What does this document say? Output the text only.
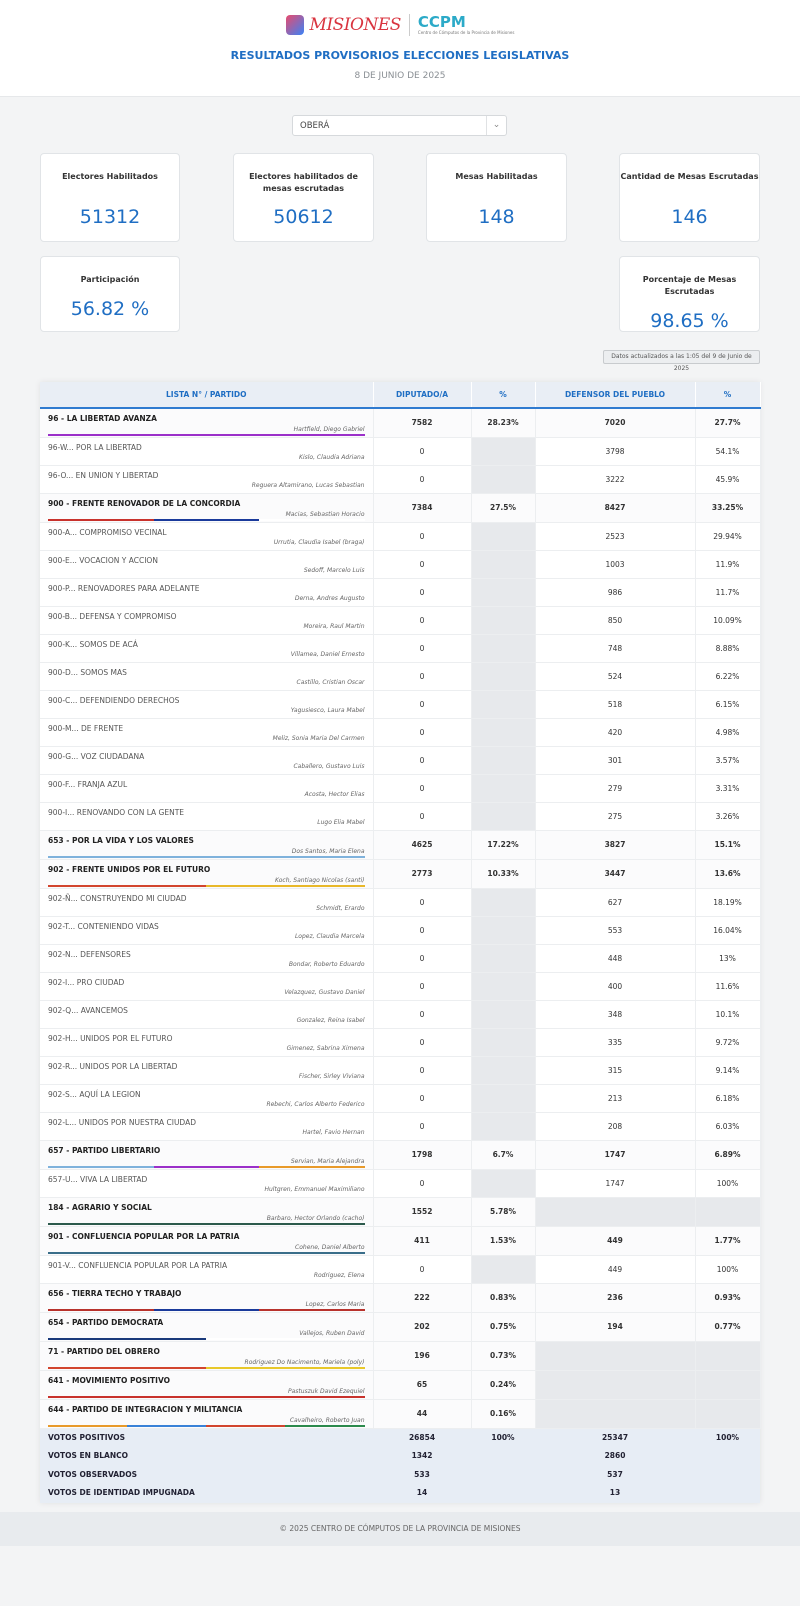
MISIONES CCPM
Centro de Cómputos de la Provincia de Misiones
RESULTADOS PROVISORIOS ELECCIONES LEGISLATIVAS
8 DE JUNIO DE 2025
OBERÁ	⌄
Electores Habilitados
51312
Electores habilitados de mesas escrutadas
50612
Mesas Habilitadas
148
Cantidad de Mesas Escrutadas
146
Participación
56.82 %
Porcentaje de Mesas Escrutadas
98.65 %
Datos actualizados a las 1:05 del 9 de Junio de 2025
LISTA N° / PARTIDO	DIPUTADO/A	%	DEFENSOR DEL PUEBLO	%

96 - LA LIBERTAD AVANZA
Hartfield, Diego Gabriel	7582	28.23%	7020	27.7%

96-W... POR LA LIBERTAD
Kislo, Claudia Adriana	0		3798	54.1%

96-O... EN UNION Y LIBERTAD
Reguera Altamirano, Lucas Sebastian	0		3222	45.9%

900 - FRENTE RENOVADOR DE LA CONCORDIA
Macias, Sebastian Horacio	7384	27.5%	8427	33.25%

900-A... COMPROMISO VECINAL
Urrutia, Claudia Isabel (braga)	0		2523	29.94%

900-E... VOCACION Y ACCION
Sedoff, Marcelo Luis	0		1003	11.9%

900-P... RENOVADORES PARA ADELANTE
Derna, Andres Augusto	0		986	11.7%

900-B... DEFENSA Y COMPROMISO
Moreira, Raul Martin	0		850	10.09%

900-K... SOMOS DE ACÁ
Villamea, Daniel Ernesto	0		748	8.88%

900-D... SOMOS MAS
Castillo, Cristian Oscar	0		524	6.22%

900-C... DEFENDIENDO DERECHOS
Yagusiesco, Laura Mabel	0		518	6.15%

900-M... DE FRENTE
Meliz, Sonia Maria Del Carmen	0		420	4.98%

900-G... VOZ CIUDADANA
Caballero, Gustavo Luis	0		301	3.57%

900-F... FRANJA AZUL
Acosta, Hector Elias	0		279	3.31%

900-I... RENOVANDO CON LA GENTE
Lugo Elia Mabel	0		275	3.26%

653 - POR LA VIDA Y LOS VALORES
Dos Santos, Maria Elena	4625	17.22%	3827	15.1%

902 - FRENTE UNIDOS POR EL FUTURO
Koch, Santiago Nicolas (santi)	2773	10.33%	3447	13.6%

902-Ñ... CONSTRUYENDO MI CIUDAD
Schmidt, Erardo	0		627	18.19%

902-T... CONTENIENDO VIDAS
Lopez, Claudia Marcela	0		553	16.04%

902-N... DEFENSORES
Bondar, Roberto Eduardo	0		448	13%

902-I... PRO CIUDAD
Velazquez, Gustavo Daniel	0		400	11.6%

902-Q... AVANCEMOS
Gonzalez, Reina Isabel	0		348	10.1%

902-H... UNIDOS POR EL FUTURO
Gimenez, Sabrina Ximena	0		335	9.72%

902-R... UNIDOS POR LA LIBERTAD
Fischer, Sirley Viviana	0		315	9.14%

902-S... AQUÍ LA LEGION
Rebechi, Carlos Alberto Federico	0		213	6.18%

902-L... UNIDOS POR NUESTRA CIUDAD
Hartel, Favio Hernan	0		208	6.03%

657 - PARTIDO LIBERTARIO
Servian, Maria Alejandra	1798	6.7%	1747	6.89%

657-U... VIVA LA LIBERTAD
Hultgren, Emmanuel Maximiliano	0		1747	100%

184 - AGRARIO Y SOCIAL
Barbaro, Hector Orlando (cacho)	1552	5.78%		

901 - CONFLUENCIA POPULAR POR LA PATRIA
Cohene, Daniel Alberto	411	1.53%	449	1.77%

901-V... CONFLUENCIA POPULAR POR LA PATRIA
Rodriguez, Elena	0		449	100%

656 - TIERRA TECHO Y TRABAJO
Lopez, Carlos Maria	222	0.83%	236	0.93%

654 - PARTIDO DEMOCRATA
Vallejos, Ruben David	202	0.75%	194	0.77%

71 - PARTIDO DEL OBRERO
Rodriguez Do Nacimento, Mariela (poly)	196	0.73%		

641 - MOVIMIENTO POSITIVO
Pastuszuk David Ezequiel	65	0.24%		

644 - PARTIDO DE INTEGRACION Y MILITANCIA
Cavalheiro, Roberto Juan	44	0.16%		
VOTOS POSITIVOS	26854	100%	25347	100%
VOTOS EN BLANCO	1342		2860	
VOTOS OBSERVADOS	533		537	
VOTOS DE IDENTIDAD IMPUGNADA	14		13	
© 2025 CENTRO DE CÓMPUTOS DE LA PROVINCIA DE MISIONES
